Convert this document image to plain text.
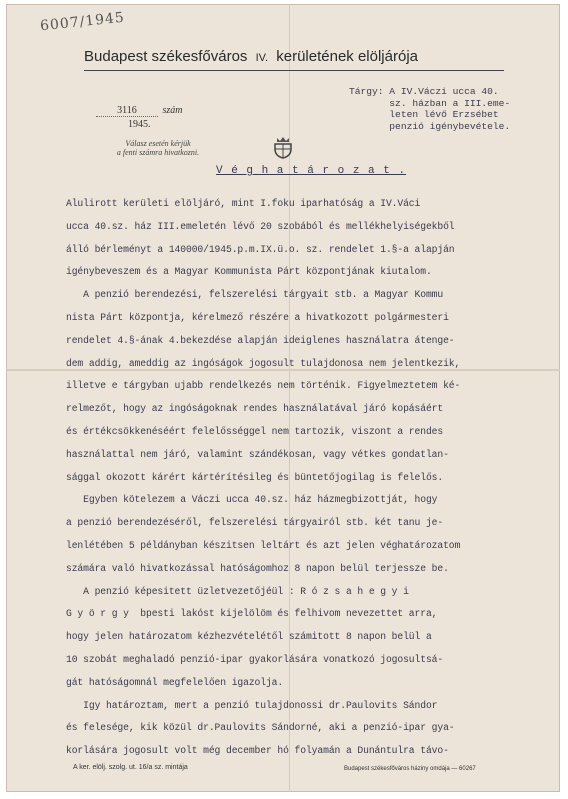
6007/1945
Budapest székesfőváros IV. kerületének elöljárója
Tárgy: A IV.Váczi ucca 40.
sz. házban a III.eme-
leten lévő Erzsébet
penzió igénybevétele.
3116	szám
1945.
Válasz esetén kérjük
a fenti számra hivatkozni.
V é g h a t á r o z a t .
Alulirott kerületi elöljáró, mint I.foku iparhatóság a IV.Váci
ucca 40.sz. ház III.emeletén lévő 20 szobából és mellékhelyiségekből
álló bérleményt a 140000/1945.p.m.IX.ü.o. sz. rendelet 1.§-a alapján
igénybeveszem és a Magyar Kommunista Párt központjának kiutalom.
A penzió berendezési, felszerelési tárgyait stb. a Magyar Kommu
nista Párt központja, kérelmező részére a hivatkozott polgármesteri
rendelet 4.§-ának 4.bekezdése alapján ideiglenes használatra átenge-
dem addig, ameddig az ingóságok jogosult tulajdonosa nem jelentkezik,
illetve e tárgyban ujabb rendelkezés nem történik. Figyelmeztetem ké-
relmezőt, hogy az ingóságoknak rendes használatával járó kopásáért
és értékcsökkenéséért felelősséggel nem tartozik, viszont a rendes
használattal nem járó, valamint szándékosan, vagy vétkes gondatlan-
sággal okozott kárért kártérítésileg és büntetőjogilag is felelős.
Egyben kötelezem a Váczi ucca 40.sz. ház házmegbizottját, hogy
a penzió berendezéséről, felszerelési tárgyairól stb. két tanu je-
lenlétében 5 példányban készitsen leltárt és azt jelen véghatározatom
számára való hivatkozással hatóságomhoz 8 napon belül terjessze be.
A penzió képesitett üzletvezetőjéül : R ó z s a h e g y i
G y ö r g y  bpesti lakóst kijelölöm és felhivom nevezettet arra,
hogy jelen határozatom kézhezvételétől számitott 8 napon belül a
10 szobát meghaladó penzió-ipar gyakorlására vonatkozó jogosultsá-
gát hatóságomnál megfelelően igazolja.
Igy határoztam, mert a penzió tulajdonossi dr.Paulovits Sándor
és felesége, kik közül dr.Paulovits Sándorné, aki a penzió-ipar gya-
korlására jogosult volt még december hó folyamán a Dunántulra távo-
A ker. elölj. szolg. ut. 16/a sz. mintája	Budapest székesfőváros háziny omdája — 60267
